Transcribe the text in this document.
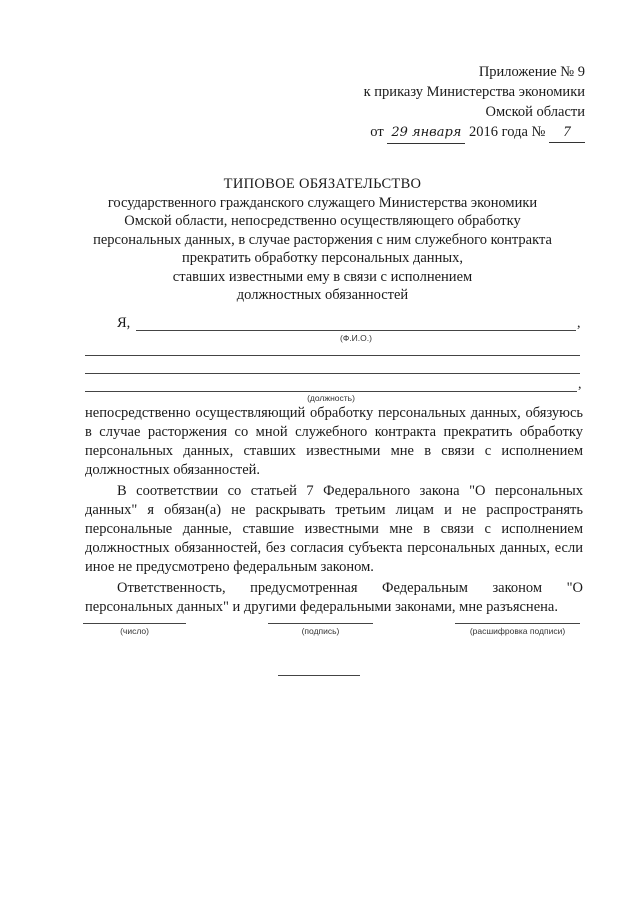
Приложение № 9
к приказу Министерства экономики
Омской области
от 29 января 2016 года № 7
ТИПОВОЕ ОБЯЗАТЕЛЬСТВО
государственного гражданского служащего Министерства экономики
Омской области, непосредственно осуществляющего обработку
персональных данных, в случае расторжения с ним служебного контракта
прекратить обработку персональных данных,
ставших известными ему в связи с исполнением
должностных обязанностей
Я,	,
(Ф.И.О.)
,
(должность)

непосредственно осуществляющий обработку персональных данных, обязуюсь в случае расторжения со мной служебного контракта прекратить обработку персональных данных, ставших известными мне в связи с исполнением должностных обязанностей.

В соответствии со статьей 7 Федерального закона "О персональных данных" я обязан(а) не раскрывать третьим лицам и не распространять персональные данные, ставшие известными мне в связи с исполнением должностных обязанностей, без согласия субъекта персональных данных, если иное не предусмотрено федеральным законом.

Ответственность, предусмотренная Федеральным законом "О персональных данных" и другими федеральными законами, мне разъяснена.

(число)	(подпись)	(расшифровка подписи)
